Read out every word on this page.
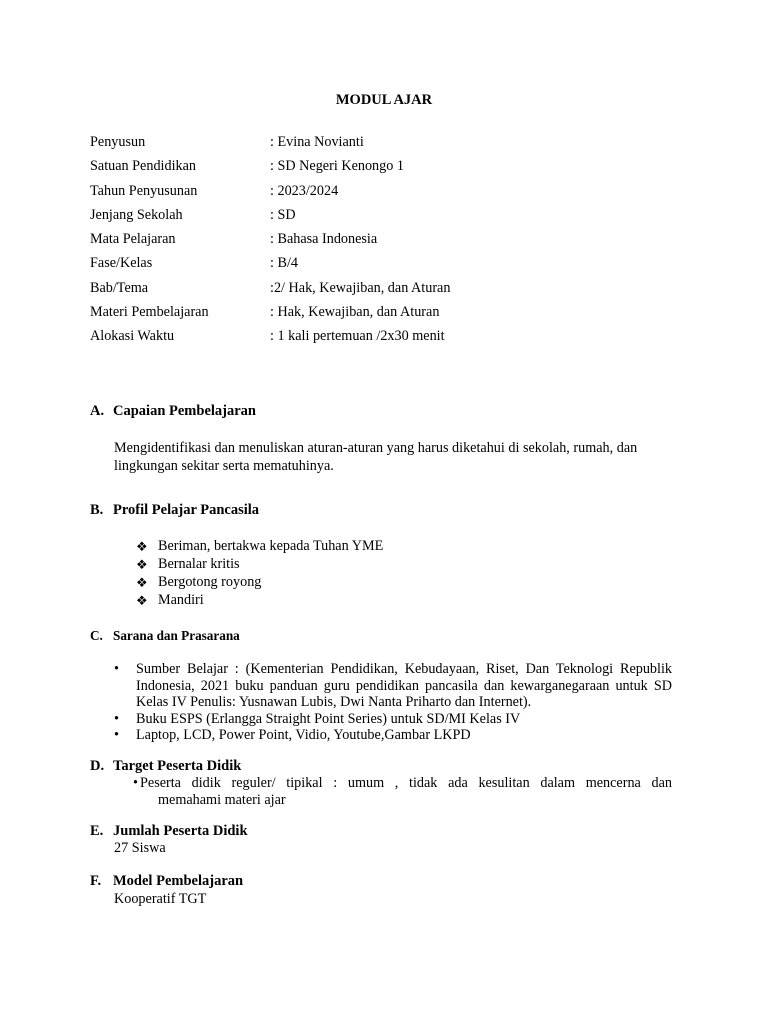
MODUL AJAR
Penyusun	: Evina Novianti
Satuan Pendidikan	: SD Negeri Kenongo 1
Tahun Penyusunan	: 2023/2024
Jenjang Sekolah	: SD
Mata Pelajaran	: Bahasa Indonesia
Fase/Kelas	: B/4
Bab/Tema	:2/ Hak, Kewajiban, dan Aturan
Materi Pembelajaran	: Hak, Kewajiban, dan Aturan
Alokasi Waktu	: 1 kali pertemuan /2x30 menit
A. Capaian Pembelajaran

Mengidentifikasi dan menuliskan aturan-aturan yang harus diketahui di sekolah, rumah, dan

lingkungan sekitar serta mematuhinya.

B. Profil Pelajar Pancasila
❖ Beriman, bertakwa kepada Tuhan YME
❖ Bernalar kritis
❖ Bergotong royong
❖ Mandiri
C. Sarana dan Prasarana
•	Sumber Belajar : (Kementerian Pendidikan, Kebudayaan, Riset, Dan Teknologi Republik Indonesia, 2021 buku panduan guru pendidikan pancasila dan kewarganegaraan untuk SD Kelas IV Penulis: Yusnawan Lubis, Dwi Nanta Priharto dan Internet).
•	Buku ESPS (Erlangga Straight Point Series) untuk SD/MI Kelas IV
•	Laptop, LCD, Power Point, Vidio, Youtube,Gambar LKPD
D. Target Peserta Didik
• Peserta didik reguler/ tipikal : umum , tidak ada kesulitan dalam mencerna dan
memahami materi ajar
E. Jumlah Peserta Didik
27 Siswa
F. Model Pembelajaran
Kooperatif TGT
